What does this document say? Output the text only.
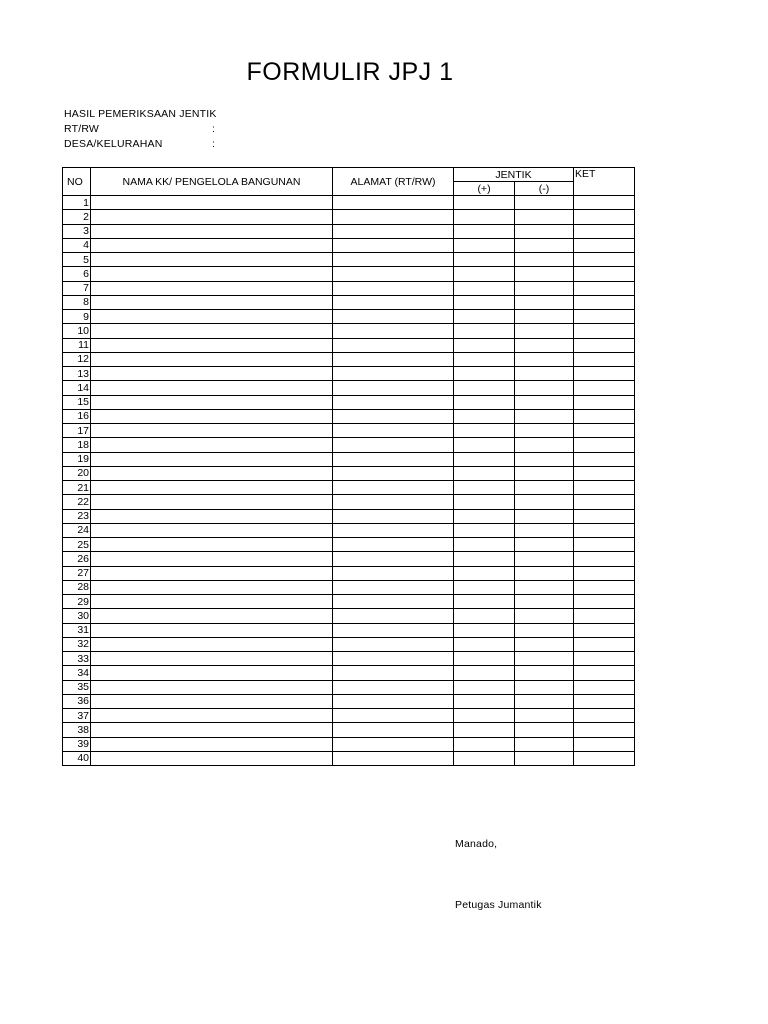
FORMULIR JPJ 1
HASIL PEMERIKSAAN JENTIK
RT/RW	:
DESA/KELURAHAN	:
NO	NAMA KK/ PENGELOLA BANGUNAN	ALAMAT (RT/RW)	JENTIK		KET
			(+)	(-)	
1					
2					
3					
4					
5					
6					
7					
8					
9					
10					
11					
12					
13					
14					
15					
16					
17					
18					
19					
20					
21					
22					
23					
24					
25					
26					
27					
28					
29					
30					
31					
32					
33					
34					
35					
36					
37					
38					
39					
40					
Manado,
Petugas Jumantik
